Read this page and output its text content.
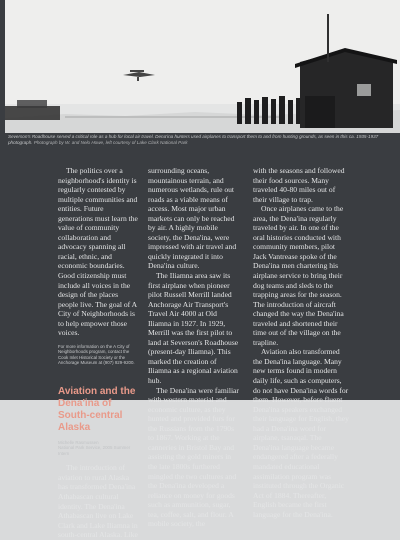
Severson's Roadhouse served a critical role as a hub for local air travel. Dena'ina hunters used airplanes to transport them to and from hunting grounds, as seen in this ca. 1935-1937 photograph. Photograph by W. and Nelo Howe, left courtesy of Lake Clark National Park

The politics over a neighborhood's identity is regularly contested by multiple communities and entities. Future generations must learn the value of community collaboration and advocacy spanning all racial, ethnic, and economic boundaries. Good citizenship must include all voices in the design of the places people live. The goal of A City of Neighborhoods is to help empower those voices.

For more information on the A City of Neighborhoods program, contact the Cook Inlet Historical Society or the Anchorage Museum at (907) 929-9200.

Aviation and the Dena'ina of South-central Alaska

Michelle Rasmussen

National Park Service, 2005 Summer Intern

The introduction of aviation to rural Alaska has transformed Dena'ina Athabascan cultural identity. The Dena'ina Athabascan live on Lake Clark and Lake Iliamna in south-central Alaska. Like

surrounding oceans, mountainous terrain, and numerous wetlands, rule out roads as a viable means of access. Most major urban markets can only be reached by air. A highly mobile society, the Dena'ina, were impressed with air travel and quickly integrated it into Dena'ina culture.

The Iliamna area saw its first airplane when pioneer pilot Russell Merrill landed Anchorage Air Transport's Travel Air 4000 at Old Iliamna in 1927. In 1929, Merrill was the first pilot to land at Severson's Roadhouse (present-day Iliamna). This marked the creation of Iliamna as a regional aviation hub.

The Dena'ina were familiar with western material and economic culture, as they hunted and provided furs for the Russians from the 1790s to 1867. Working at the canneries in Bristol Bay and assisting the gold miners in the late 1800s furthered mingled the two cultures and the Dena'ina developed a reliance on money for goods such as ammunition, sugar, tea, coffee, salt, and flour. A mobile society, the

with the seasons and followed their food sources. Many traveled 40-80 miles out of their village to trap.

Once airplanes came to the area, the Dena'ina regularly traveled by air. In one of the oral histories conducted with community members, pilot Jack Vantrease spoke of the Dena'ina men chartering his airplane service to bring their dog teams and sleds to the trapping areas for the season. The introduction of aircraft changed the way the Dena'ina traveled and shortened their time out of the village on the trapline.

Aviation also transformed the Dena'ina language. Many new terms found in modern daily life, such as computers, do not have Dena'ina words for them. However, before fluent Dena'ina speakers exchanged their language for English, they had a Dena'ina word for airplane, tsanaqal. The Dena'ina language became endangered after a federally mandated educational assimilation program was instituted through the Organic Act of 1884. Thereafter, English became the first language for the Dena'ina.
